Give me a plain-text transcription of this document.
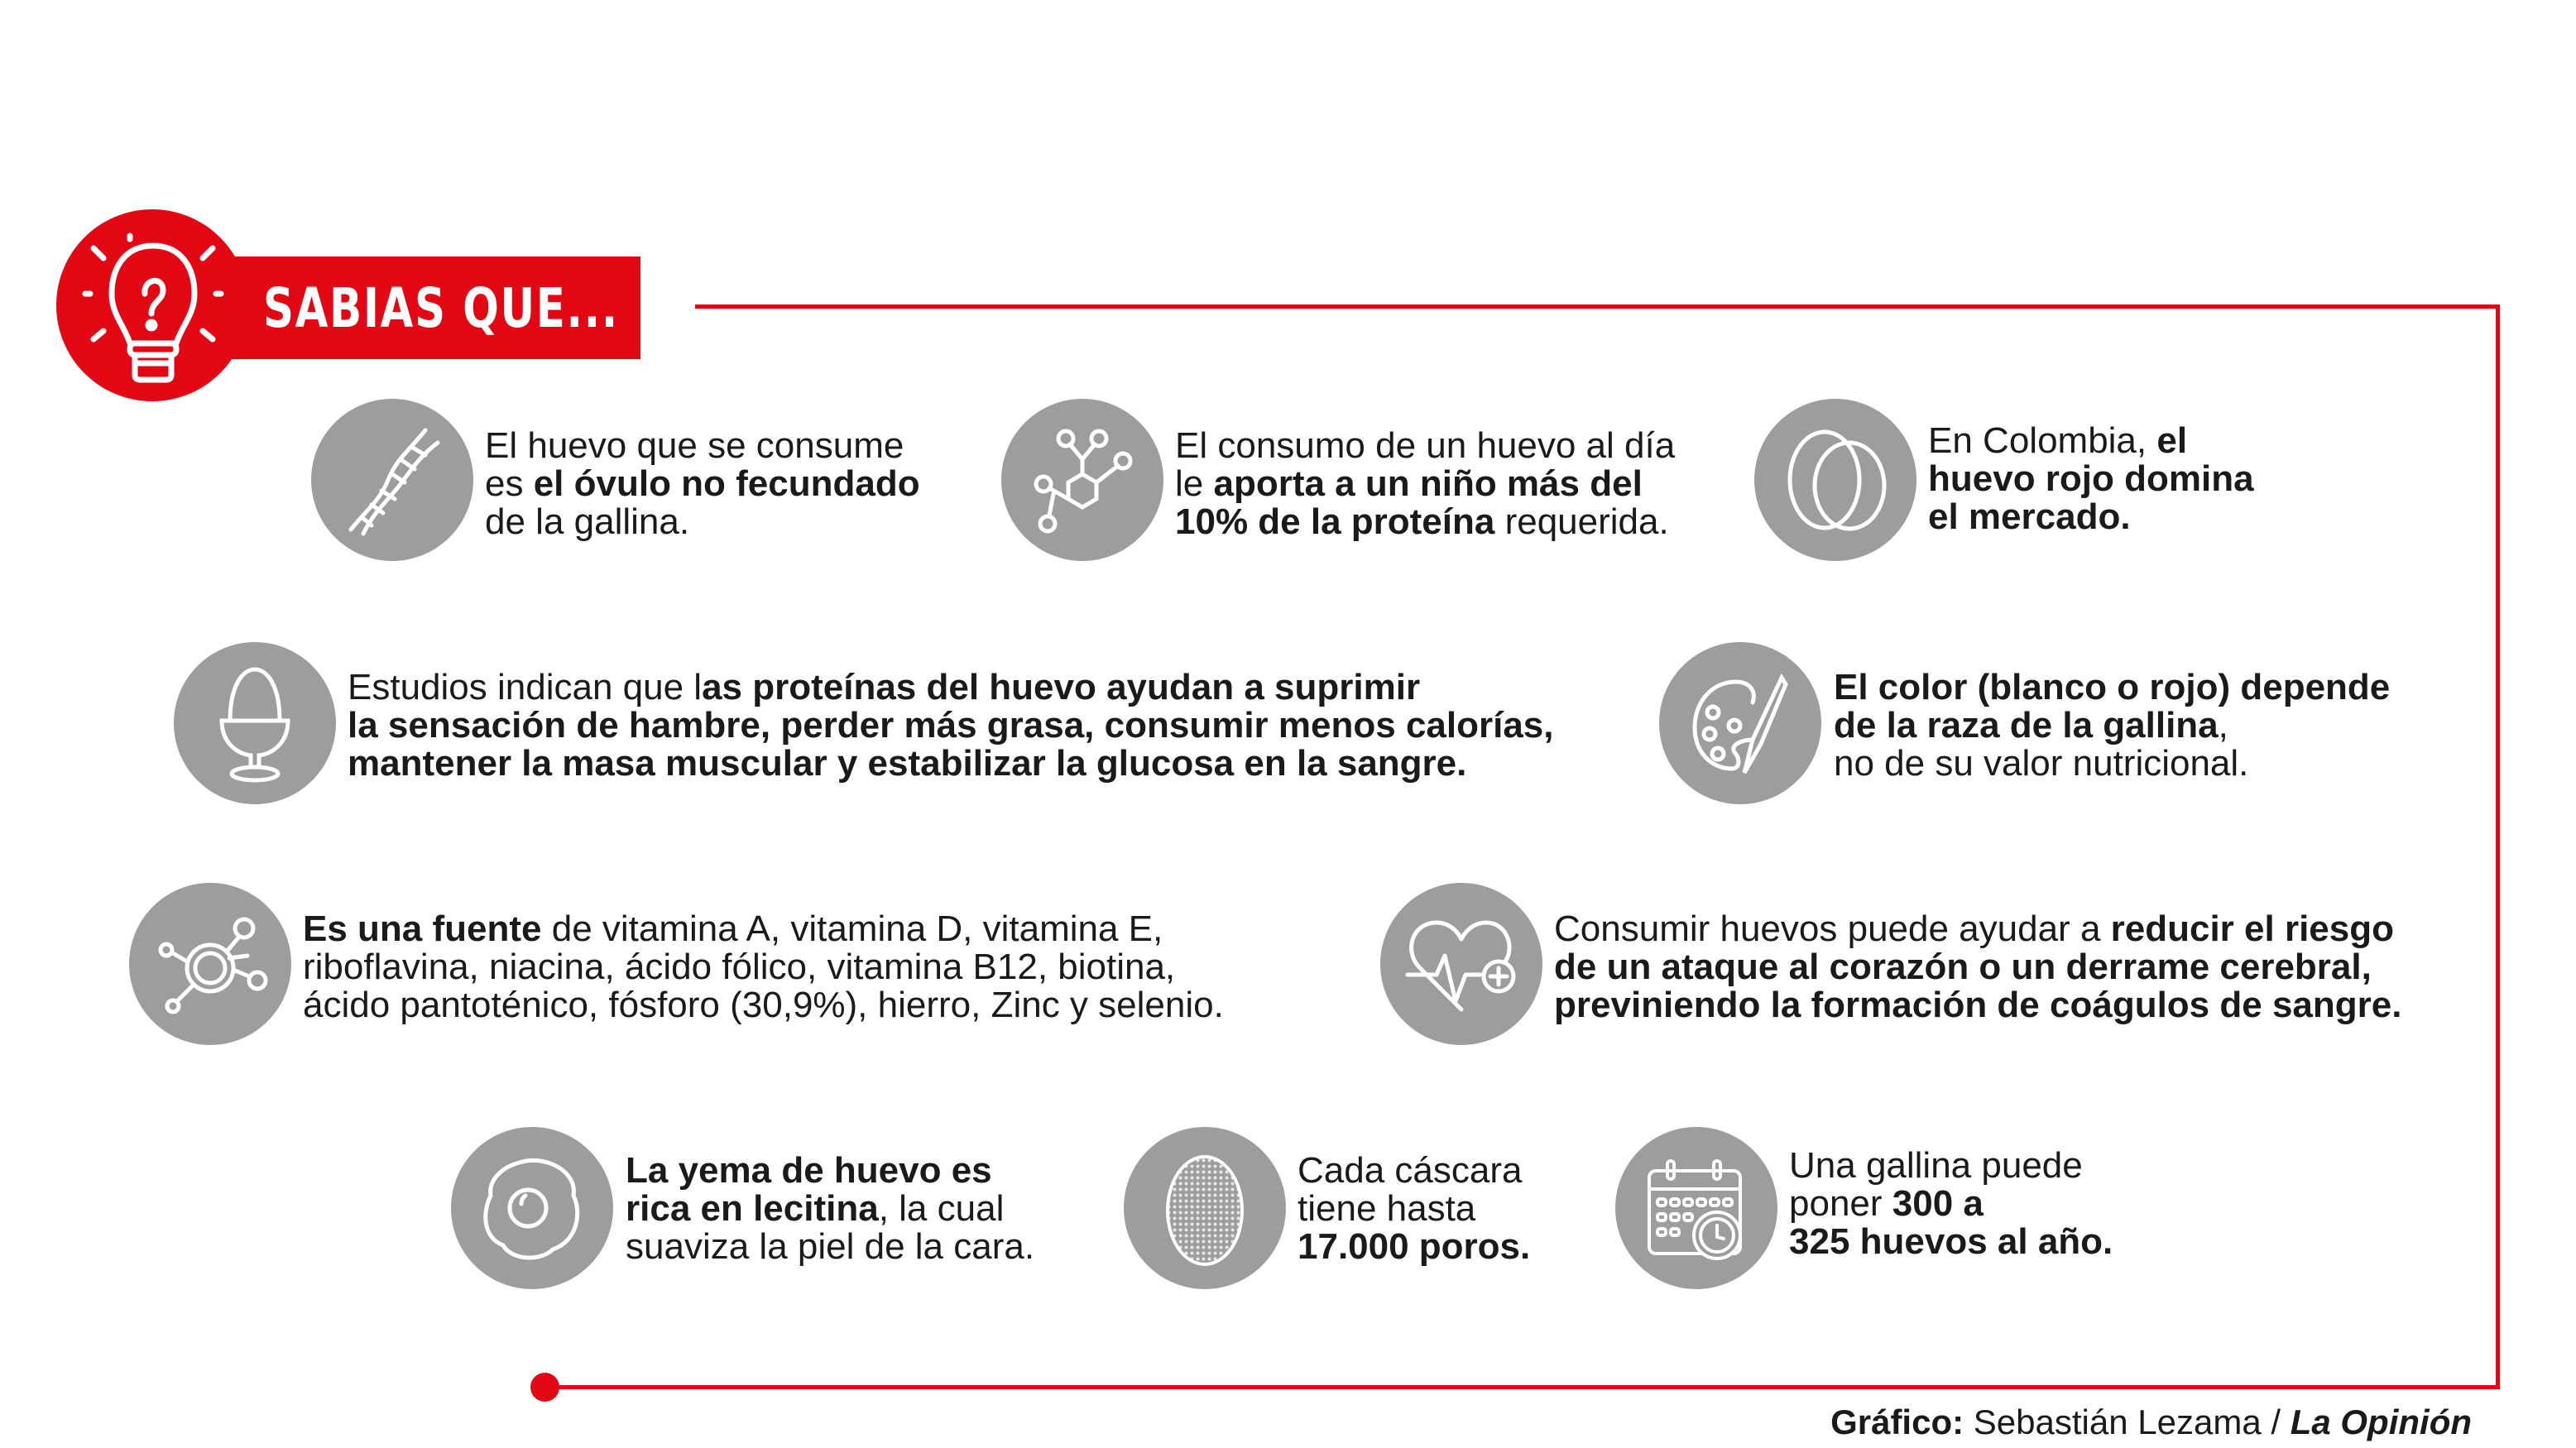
SABIAS QUE...
El huevo que se consume
es el óvulo no fecundado
de la gallina.
El consumo de un huevo al día
le aporta a un niño más del
10% de la proteína requerida.
En Colombia, el
huevo rojo domina
el mercado.
Estudios indican que las proteínas del huevo ayudan a suprimir
la sensación de hambre, perder más grasa, consumir menos calorías,
mantener la masa muscular y estabilizar la glucosa en la sangre.
El color (blanco o rojo) depende
de la raza de la gallina,
no de su valor nutricional.
Es una fuente de vitamina A, vitamina D, vitamina E,
riboflavina, niacina, ácido fólico, vitamina B12, biotina,
ácido pantoténico, fósforo (30,9%), hierro, Zinc y selenio.
Consumir huevos puede ayudar a reducir el riesgo
de un ataque al corazón o un derrame cerebral,
previniendo la formación de coágulos de sangre.
La yema de huevo es
rica en lecitina, la cual
suaviza la piel de la cara.
Cada cáscara
tiene hasta
17.000 poros.
Una gallina puede
poner 300 a
325 huevos al año.
Gráfico: Sebastián Lezama / La Opinión
